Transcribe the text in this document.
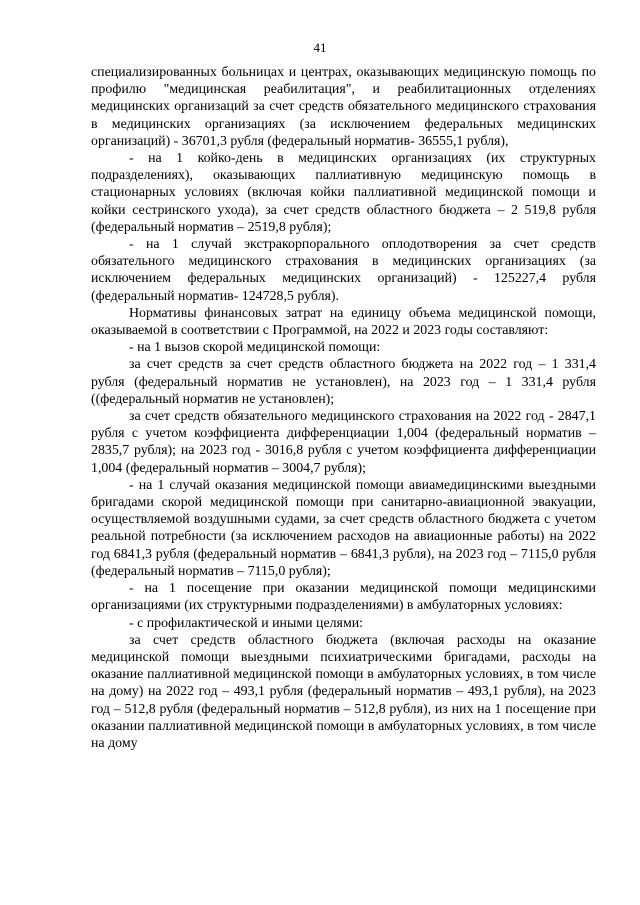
41

специализированных больницах и центрах, оказывающих медицинскую помощь по профилю "медицинская реабилитация", и реабилитационных отделениях медицинских организаций за счет средств обязательного медицинского страхования в медицинских организациях (за исключением федеральных медицинских организаций) - 36701,3 рубля (федеральный норматив- 36555,1 рубля),

- на 1 койко-день в медицинских организациях (их структурных подразделениях), оказывающих паллиативную медицинскую помощь в стационарных условиях (включая койки паллиативной медицинской помощи и койки сестринского ухода), за счет средств областного бюджета – 2 519,8 рубля (федеральный норматив – 2519,8 рубля);

- на 1 случай экстракорпорального оплодотворения за счет средств обязательного медицинского страхования в медицинских организациях (за исключением федеральных медицинских организаций) - 125227,4 рубля (федеральный норматив- 124728,5 рубля).

Нормативы финансовых затрат на единицу объема медицинской помощи, оказываемой в соответствии с Программой, на 2022 и 2023 годы составляют:

- на 1 вызов скорой медицинской помощи:

за счет средств за счет средств областного бюджета на 2022 год – 1 331,4 рубля (федеральный норматив не установлен), на 2023 год – 1 331,4 рубля ((федеральный норматив не установлен);

за счет средств обязательного медицинского страхования на 2022 год - 2847,1 рубля с учетом коэффициента дифференциации 1,004 (федеральный норматив – 2835,7 рубля); на 2023 год - 3016,8 рубля с учетом коэффициента дифференциации 1,004 (федеральный норматив – 3004,7 рубля);

- на 1 случай оказания медицинской помощи авиамедицинскими выездными бригадами скорой медицинской помощи при санитарно-авиационной эвакуации, осуществляемой воздушными судами, за счет средств областного бюджета с учетом реальной потребности (за исключением расходов на авиационные работы) на 2022 год 6841,3 рубля (федеральный норматив – 6841,3 рубля), на 2023 год – 7115,0 рубля (федеральный норматив – 7115,0 рубля);

- на 1 посещение при оказании медицинской помощи медицинскими организациями (их структурными подразделениями) в амбулаторных условиях:

- с профилактической и иными целями:

за счет средств областного бюджета (включая расходы на оказание медицинской помощи выездными психиатрическими бригадами, расходы на оказание паллиативной медицинской помощи в амбулаторных условиях, в том числе на дому) на 2022 год – 493,1 рубля (федеральный норматив – 493,1 рубля), на 2023 год – 512,8 рубля (федеральный норматив – 512,8 рубля), из них на 1 посещение при оказании паллиативной медицинской помощи в амбулаторных условиях, в том числе на дому
